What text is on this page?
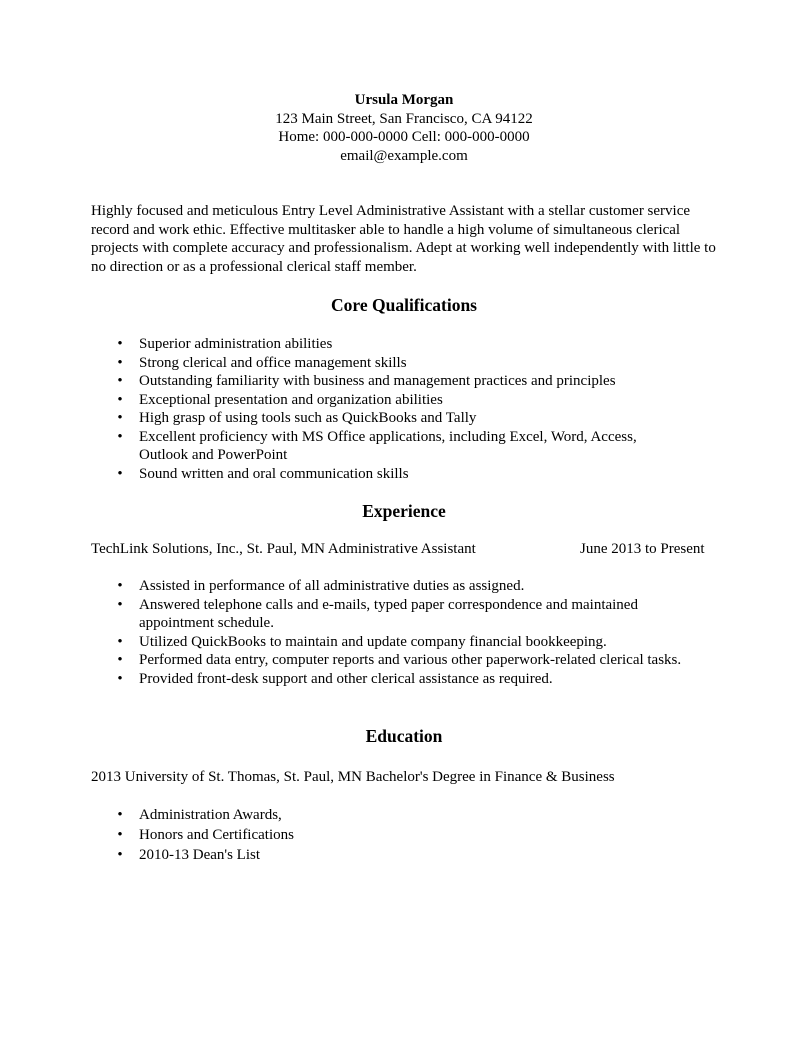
Ursula Morgan
123 Main Street, San Francisco, CA 94122
Home: 000-000-0000 Cell: 000-000-0000
email@example.com
Highly focused and meticulous Entry Level Administrative Assistant with a stellar customer service record and work ethic. Effective multitasker able to handle a high volume of simultaneous clerical projects with complete accuracy and professionalism. Adept at working well independently with little to no direction or as a professional clerical staff member.
Core Qualifications
• Superior administration abilities
• Strong clerical and office management skills
• Outstanding familiarity with business and management practices and principles
• Exceptional presentation and organization abilities
• High grasp of using tools such as QuickBooks and Tally
• Excellent proficiency with MS Office applications, including Excel, Word, Access, Outlook and PowerPoint
• Sound written and oral communication skills
Experience
TechLink Solutions, Inc., St. Paul, MN Administrative Assistant	June 2013 to Present
• Assisted in performance of all administrative duties as assigned.
• Answered telephone calls and e-mails, typed paper correspondence and maintained appointment schedule.
• Utilized QuickBooks to maintain and update company financial bookkeeping.
• Performed data entry, computer reports and various other paperwork-related clerical tasks.
• Provided front-desk support and other clerical assistance as required.
Education
2013 University of St. Thomas, St. Paul, MN Bachelor's Degree in Finance & Business
• Administration Awards,
• Honors and Certifications
• 2010-13 Dean's List
